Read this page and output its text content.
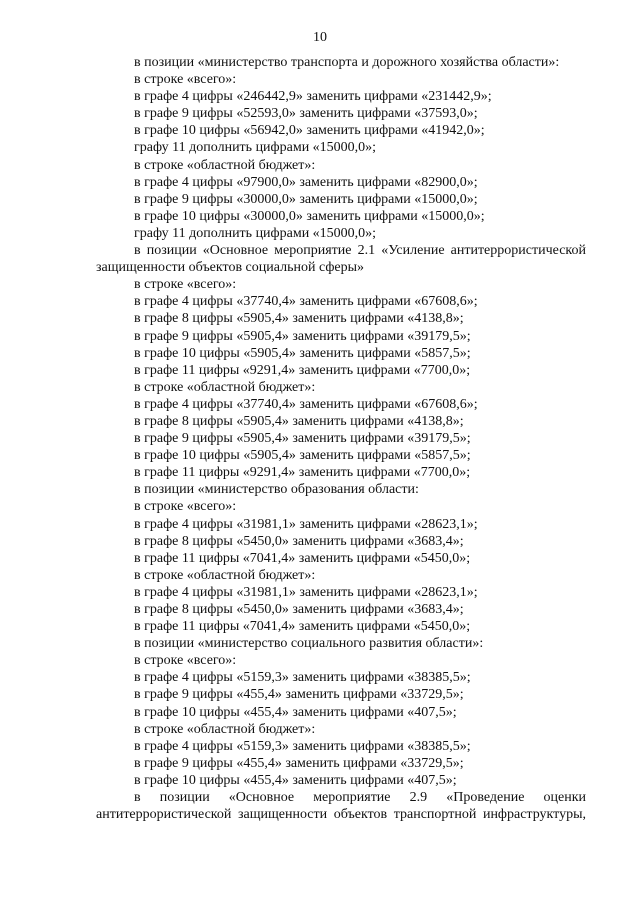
10
в позиции «министерство транспорта и дорожного хозяйства области»:
в строке «всего»:
в графе 4 цифры «246442,9» заменить цифрами «231442,9»;
в графе 9 цифры «52593,0» заменить цифрами «37593,0»;
в графе 10 цифры «56942,0» заменить цифрами «41942,0»;
графу 11 дополнить цифрами «15000,0»;
в строке «областной бюджет»:
в графе 4 цифры «97900,0» заменить цифрами «82900,0»;
в графе 9 цифры «30000,0» заменить цифрами «15000,0»;
в графе 10 цифры «30000,0» заменить цифрами «15000,0»;
графу 11 дополнить цифрами «15000,0»;
в позиции «Основное мероприятие 2.1 «Усиление антитеррористической
защищенности объектов социальной сферы»
в строке «всего»:
в графе 4 цифры «37740,4» заменить цифрами «67608,6»;
в графе 8 цифры «5905,4» заменить цифрами «4138,8»;
в графе 9 цифры «5905,4» заменить цифрами «39179,5»;
в графе 10 цифры «5905,4» заменить цифрами «5857,5»;
в графе 11 цифры «9291,4» заменить цифрами «7700,0»;
в строке «областной бюджет»:
в графе 4 цифры «37740,4» заменить цифрами «67608,6»;
в графе 8 цифры «5905,4» заменить цифрами «4138,8»;
в графе 9 цифры «5905,4» заменить цифрами «39179,5»;
в графе 10 цифры «5905,4» заменить цифрами «5857,5»;
в графе 11 цифры «9291,4» заменить цифрами «7700,0»;
в позиции «министерство образования области:
в строке «всего»:
в графе 4 цифры «31981,1» заменить цифрами «28623,1»;
в графе 8 цифры «5450,0» заменить цифрами «3683,4»;
в графе 11 цифры «7041,4» заменить цифрами «5450,0»;
в строке «областной бюджет»:
в графе 4 цифры «31981,1» заменить цифрами «28623,1»;
в графе 8 цифры «5450,0» заменить цифрами «3683,4»;
в графе 11 цифры «7041,4» заменить цифрами «5450,0»;
в позиции «министерство социального развития области»:
в строке «всего»:
в графе 4 цифры «5159,3» заменить цифрами «38385,5»;
в графе 9 цифры «455,4» заменить цифрами «33729,5»;
в графе 10 цифры «455,4» заменить цифрами «407,5»;
в строке «областной бюджет»:
в графе 4 цифры «5159,3» заменить цифрами «38385,5»;
в графе 9 цифры «455,4» заменить цифрами «33729,5»;
в графе 10 цифры «455,4» заменить цифрами «407,5»;
в позиции «Основное мероприятие 2.9 «Проведение оценки
антитеррористической защищенности объектов транспортной инфраструктуры,
